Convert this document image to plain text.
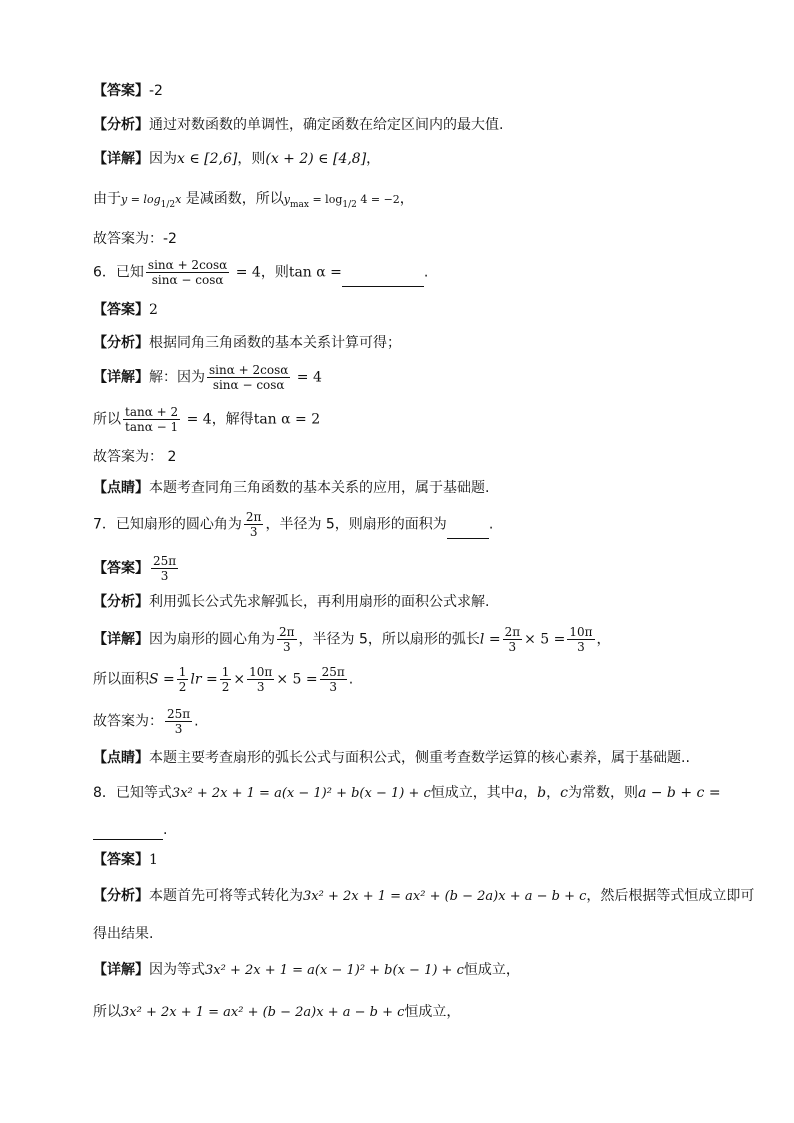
【答案】-2
【分析】通过对数函数的单调性，确定函数在给定区间内的最大值.
【详解】因为x ∈ [2,6]，则(x + 2) ∈ [4,8]，
由于$y = \log_{1/2}x$ 是减函数，所以$y_{max} = \log_{1/2} 4 = -2$，
故答案为：-2
6．已知 $\frac{\sin\alpha + 2\cos\alpha}{\sin\alpha - \cos\alpha} = 4$，则tan α =	.
【答案】2
【分析】根据同角三角函数的基本关系计算可得；
【详解】解：因为 $\frac{\sin\alpha + 2\cos\alpha}{\sin\alpha - \cos\alpha} = 4$
所以 $\frac{\tan\alpha + 2}{\tan\alpha - 1} = 4$，解得tan α = 2
故答案为： 2
【点睛】本题考查同角三角函数的基本关系的应用，属于基础题.
7．已知扇形的圆心角为 $\frac{2\pi}{3}$ ，半径为 5，则扇形的面积为	.
【答案】 $\frac{25\pi}{3}$
【分析】利用弧长公式先求解弧长，再利用扇形的面积公式求解.
【详解】因为扇形的圆心角为 $\frac{2\pi}{3}$ ，半径为 5，所以扇形的弧长$l = \frac{2\pi}{3} \times 5 = \frac{10\pi}{3}$ ，
所以面积$S = \frac{1}{2}$ lr = $\frac{1}{2} \times \frac{10\pi}{3} \times 5 = \frac{25\pi}{3}$ .
故答案为： $\frac{25\pi}{3}$ .
【点睛】本题主要考查扇形的弧长公式与面积公式，侧重考查数学运算的核心素养，属于基础题..
8．已知等式3x² + 2x + 1 = a(x − 1)² + b(x − 1) + c恒成立，其中a，b，c为常数，则a − b + c =
.
【答案】1
【分析】本题首先可将等式转化为3x² + 2x + 1 = ax² + (b − 2a)x + a − b + c，然后根据等式恒成立即可
得出结果.
【详解】因为等式3x² + 2x + 1 = a(x − 1)² + b(x − 1) + c恒成立，
所以3x² + 2x + 1 = ax² + (b − 2a)x + a − b + c恒成立，
